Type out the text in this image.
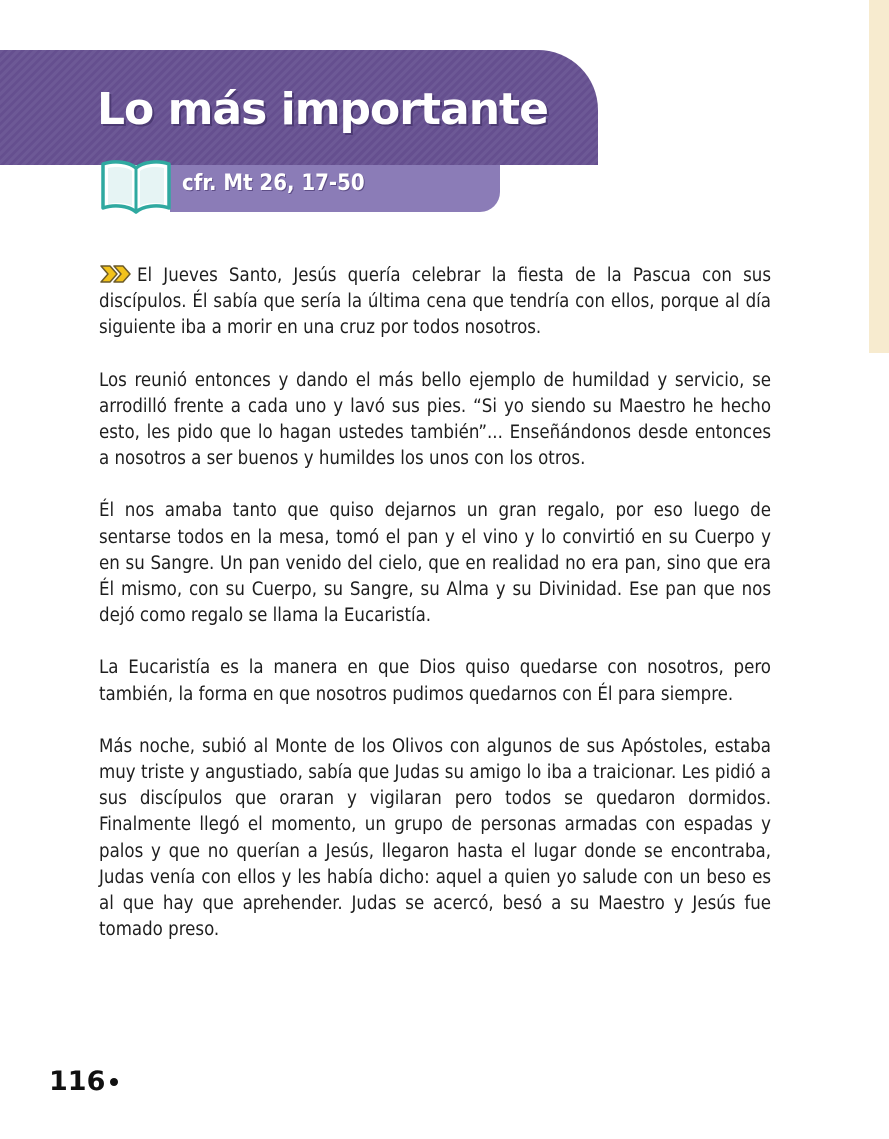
Lo más importante

cfr. Mt 26, 17-50

El Jueves Santo, Jesús quería celebrar la fiesta de la Pascua con sus discípulos. Él sabía que sería la última cena que tendría con ellos, porque al día siguiente iba a morir en una cruz por todos nosotros.

Los reunió entonces y dando el más bello ejemplo de humildad y servicio, se arrodilló frente a cada uno y lavó sus pies. “Si yo siendo su Maestro he hecho esto, les pido que lo hagan ustedes también”... Enseñándonos desde entonces a nosotros a ser buenos y humildes los unos con los otros.

Él nos amaba tanto que quiso dejarnos un gran regalo, por eso luego de sentarse todos en la mesa, tomó el pan y el vino y lo convirtió en su Cuerpo y en su Sangre. Un pan venido del cielo, que en realidad no era pan, sino que era Él mismo, con su Cuerpo, su Sangre, su Alma y su Divinidad. Ese pan que nos dejó como regalo se llama la Eucaristía.

La Eucaristía es la manera en que Dios quiso quedarse con nosotros, pero también, la forma en que nosotros pudimos quedarnos con Él para siempre.

Más noche, subió al Monte de los Olivos con algunos de sus Apóstoles, estaba muy triste y angustiado, sabía que Judas su amigo lo iba a traicionar. Les pidió a sus discípulos que oraran y vigilaran pero todos se quedaron dormidos. Finalmente llegó el momento, un grupo de personas armadas con espadas y palos y que no querían a Jesús, llegaron hasta el lugar donde se encontraba, Judas venía con ellos y les había dicho: aquel a quien yo salude con un beso es al que hay que aprehender. Judas se acercó, besó a su Maestro y Jesús fue tomado preso.

116
